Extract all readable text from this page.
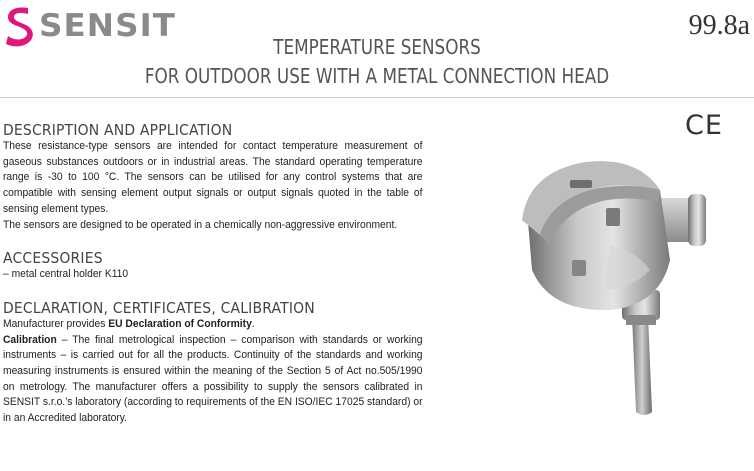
SENSIT	99.8a
TEMPERATURE SENSORS
FOR OUTDOOR USE WITH A METAL CONNECTION HEAD
CE
DESCRIPTION AND APPLICATION

These resistance-type sensors are intended for contact temperature measurement of gaseous substances outdoors or in industrial areas. The standard operating temperature range is -30 to 100 °C. The sensors can be utilised for any control systems that are compatible with sensing element output signals or output signals quoted in the table of sensing element types.

The sensors are designed to be operated in a chemically non-aggressive environment.

ACCESSORIES

– metal central holder K110

DECLARATION, CERTIFICATES, CALIBRATION

Manufacturer provides EU Declaration of Conformity.

Calibration – The final metrological inspection – comparison with standards or working instruments – is carried out for all the products. Continuity of the standards and working measuring instruments is ensured within the meaning of the Section 5 of Act no.505/1990 on metrology. The manufacturer offers a possibility to supply the sensors calibrated in SENSIT s.r.o.’s laboratory (according to requirements of the EN ISO/IEC 17025 standard) or in an Accredited laboratory.
